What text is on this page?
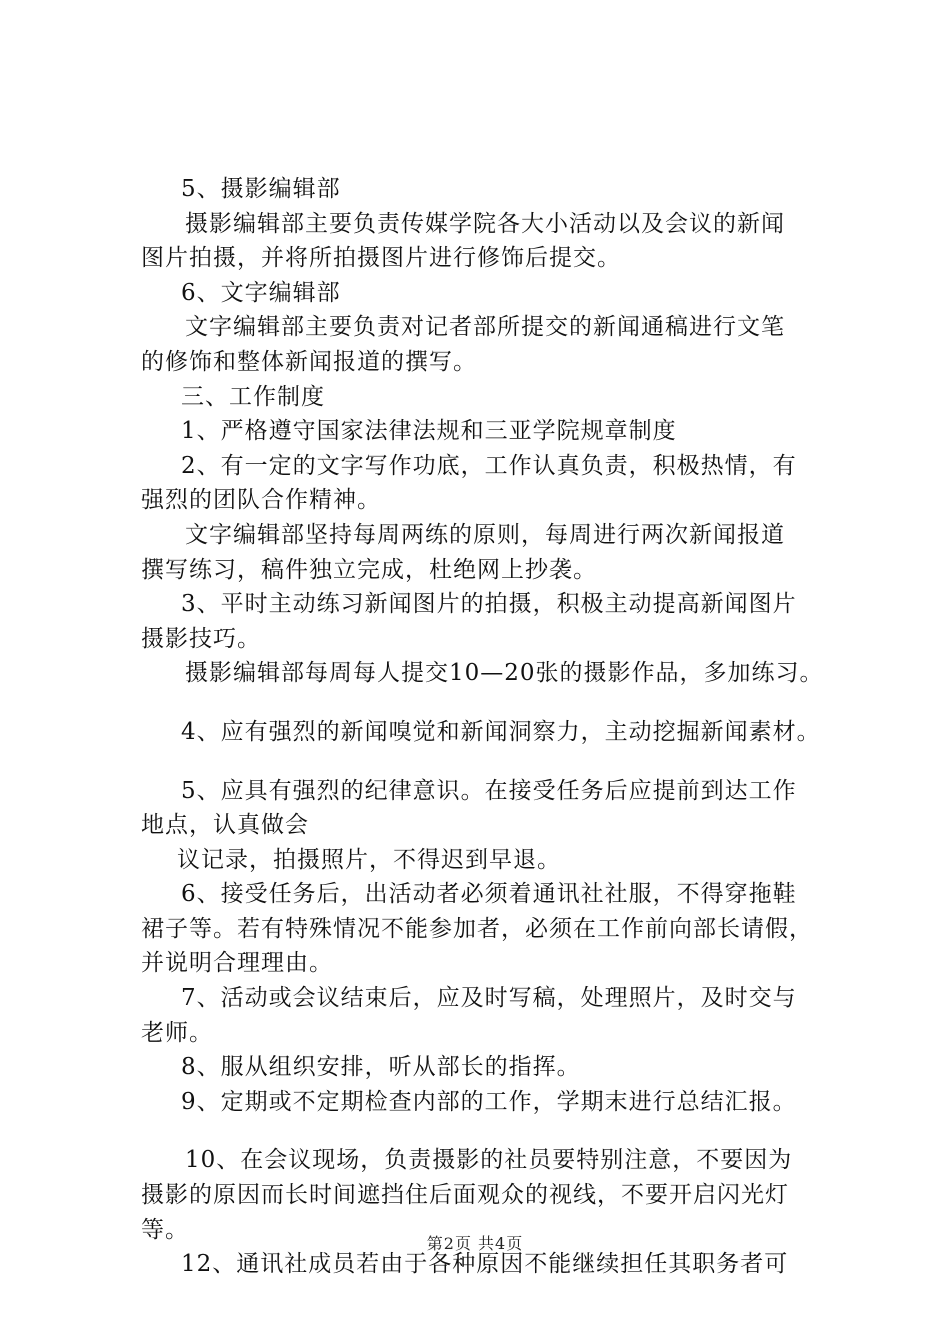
5、摄影编辑部
摄影编辑部主要负责传媒学院各大小活动以及会议的新闻
图片拍摄，并将所拍摄图片进行修饰后提交。
6、文字编辑部
文字编辑部主要负责对记者部所提交的新闻通稿进行文笔
的修饰和整体新闻报道的撰写。
三、工作制度
1、严格遵守国家法律法规和三亚学院规章制度
2、有一定的文字写作功底，工作认真负责，积极热情，有
强烈的团队合作精神。
文字编辑部坚持每周两练的原则，每周进行两次新闻报道
撰写练习，稿件独立完成，杜绝网上抄袭。
3、平时主动练习新闻图片的拍摄，积极主动提高新闻图片
摄影技巧。
摄影编辑部每周每人提交10—20张的摄影作品，多加练习。
4、应有强烈的新闻嗅觉和新闻洞察力，主动挖掘新闻素材。
5、应具有强烈的纪律意识。在接受任务后应提前到达工作
地点，认真做会
议记录，拍摄照片，不得迟到早退。
6、接受任务后，出活动者必须着通讯社社服，不得穿拖鞋
裙子等。若有特殊情况不能参加者，必须在工作前向部长请假，
并说明合理理由。
7、活动或会议结束后，应及时写稿，处理照片，及时交与
老师。
8、服从组织安排，听从部长的指挥。
9、定期或不定期检查内部的工作，学期末进行总结汇报。
10、在会议现场，负责摄影的社员要特别注意，不要因为
摄影的原因而长时间遮挡住后面观众的视线，不要开启闪光灯
等。
12、通讯社成员若由于各种原因不能继续担任其职务者可
第2页 共4页
